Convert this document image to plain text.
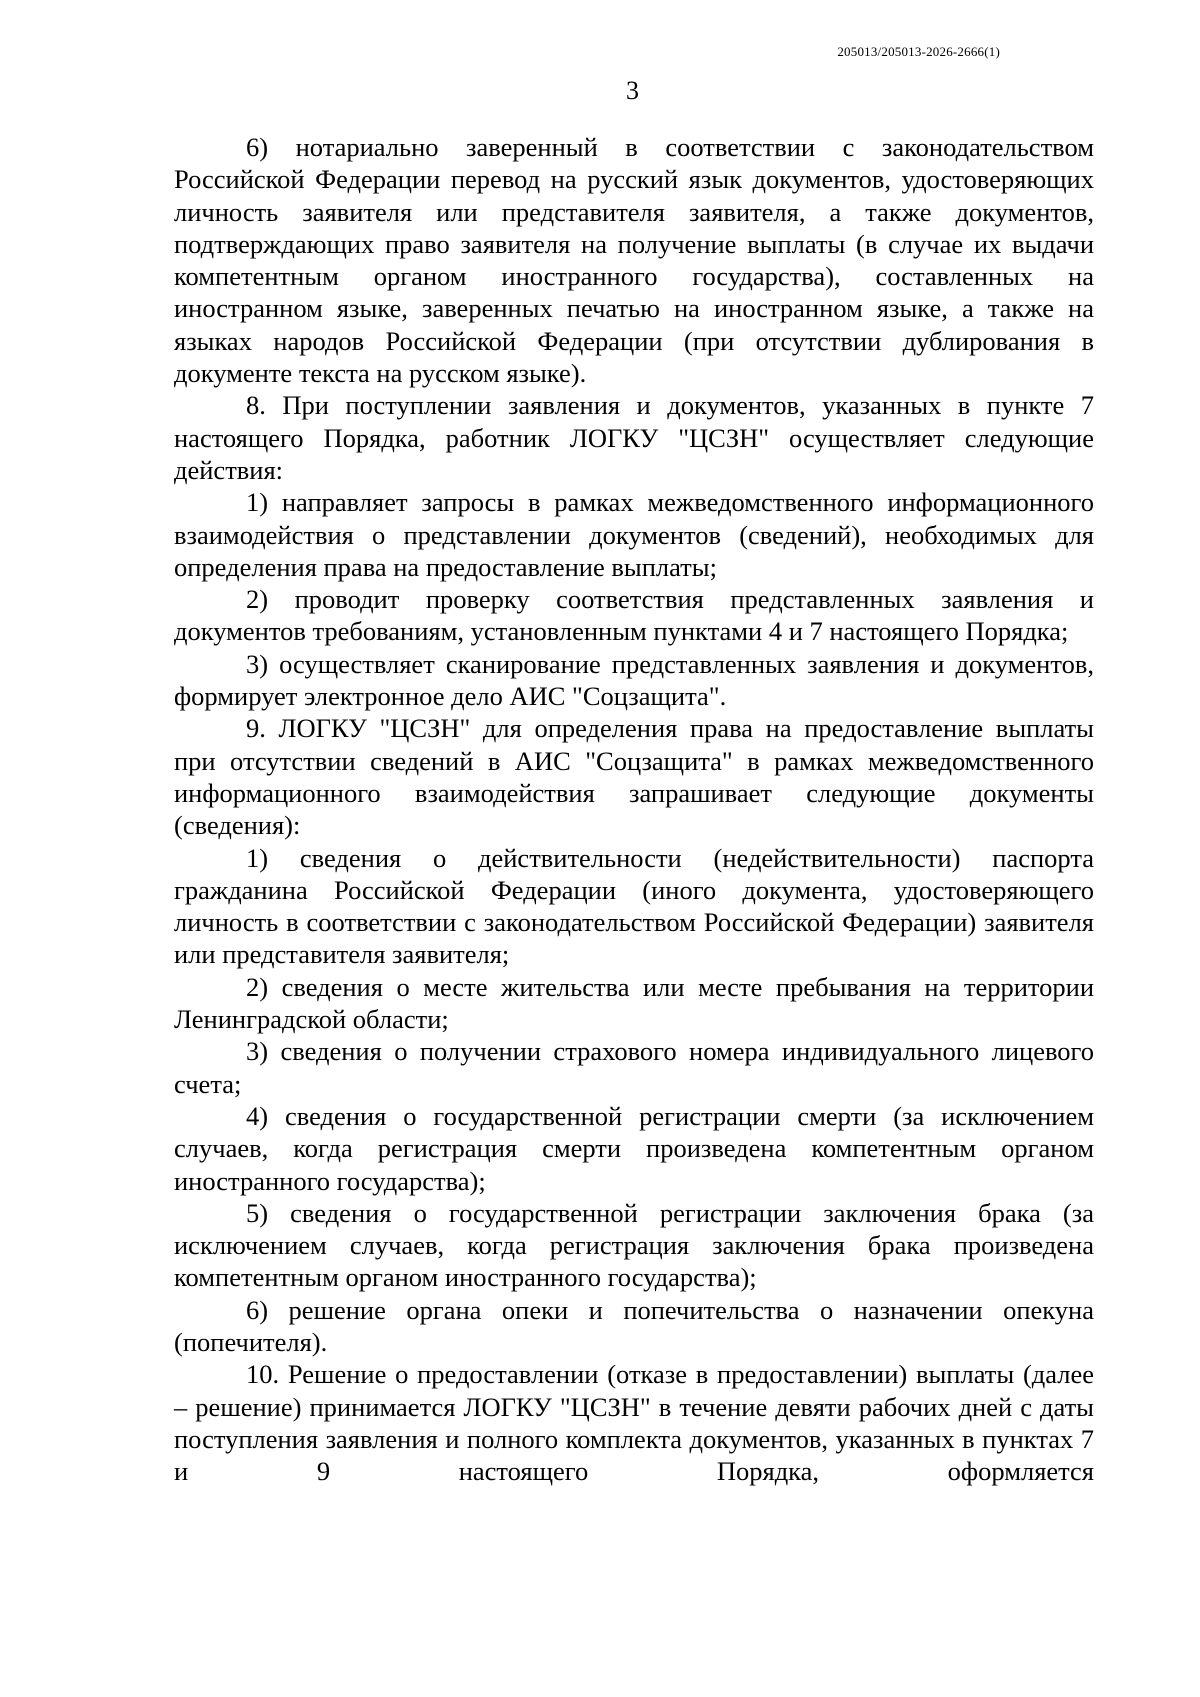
205013/205013-2026-2666(1)
3

6) нотариально заверенный в соответствии с законодательством Российской Федерации перевод на русский язык документов, удостоверяющих личность заявителя или представителя заявителя, а также документов, подтверждающих право заявителя на получение выплаты (в случае их выдачи компетентным органом иностранного государства), составленных на иностранном языке, заверенных печатью на иностранном языке, а также на языках народов Российской Федерации (при отсутствии дублирования в документе текста на русском языке).

8. При поступлении заявления и документов, указанных в пункте 7 настоящего Порядка, работник ЛОГКУ "ЦСЗН" осуществляет следующие действия:

1) направляет запросы в рамках межведомственного информационного взаимодействия о представлении документов (сведений), необходимых для определения права на предоставление выплаты;

2) проводит проверку соответствия представленных заявления и документов требованиям, установленным пунктами 4 и 7 настоящего Порядка;

3) осуществляет сканирование представленных заявления и документов, формирует электронное дело АИС "Соцзащита".

9. ЛОГКУ "ЦСЗН" для определения права на предоставление выплаты при отсутствии сведений в АИС "Соцзащита" в рамках межведомственного информационного взаимодействия запрашивает следующие документы (сведения):

1) сведения о действительности (недействительности) паспорта гражданина Российской Федерации (иного документа, удостоверяющего личность в соответствии с законодательством Российской Федерации) заявителя или представителя заявителя;

2) сведения о месте жительства или месте пребывания на территории Ленинградской области;

3) сведения о получении страхового номера индивидуального лицевого счета;

4) сведения о государственной регистрации смерти (за исключением случаев, когда регистрация смерти произведена компетентным органом иностранного государства);

5) сведения о государственной регистрации заключения брака (за исключением случаев, когда регистрация заключения брака произведена компетентным органом иностранного государства);

6) решение органа опеки и попечительства о назначении опекуна (попечителя).

10. Решение о предоставлении (отказе в предоставлении) выплаты (далее – решение) принимается ЛОГКУ "ЦСЗН" в течение девяти рабочих дней с даты поступления заявления и полного комплекта документов, указанных в пунктах 7 и 9 настоящего Порядка, оформляется
